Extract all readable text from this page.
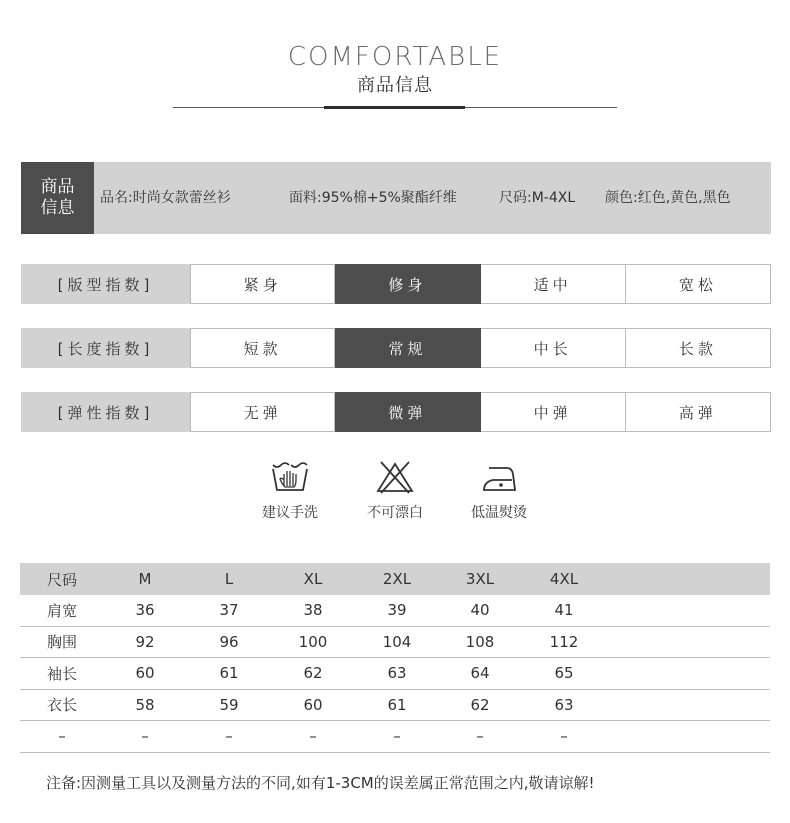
COMFORTABLE
商品信息
商品
信息 品名:时尚女款蕾丝衫	面料:95%棉+5%聚酯纤维	尺码:M-4XL 颜色:红色,黄色,黑色
[版型指数]	紧身	修身	适中	宽松
[长度指数]	短款	常规	中长	长款
[弹性指数]	无弹	微弹	中弹	高弹
建议手洗	不可漂白	低温熨烫
尺码	M	L	XL	2XL	3XL	4XL
肩宽	36	37	38	39	40	41
胸围	92	96	100	104	108	112
袖长	60	61	62	63	64	65
衣长	58	59	60	61	62	63
–	–	–	–	–	–	–
注备:因测量工具以及测量方法的不同,如有1-3CM的误差属正常范围之内,敬请谅解!
